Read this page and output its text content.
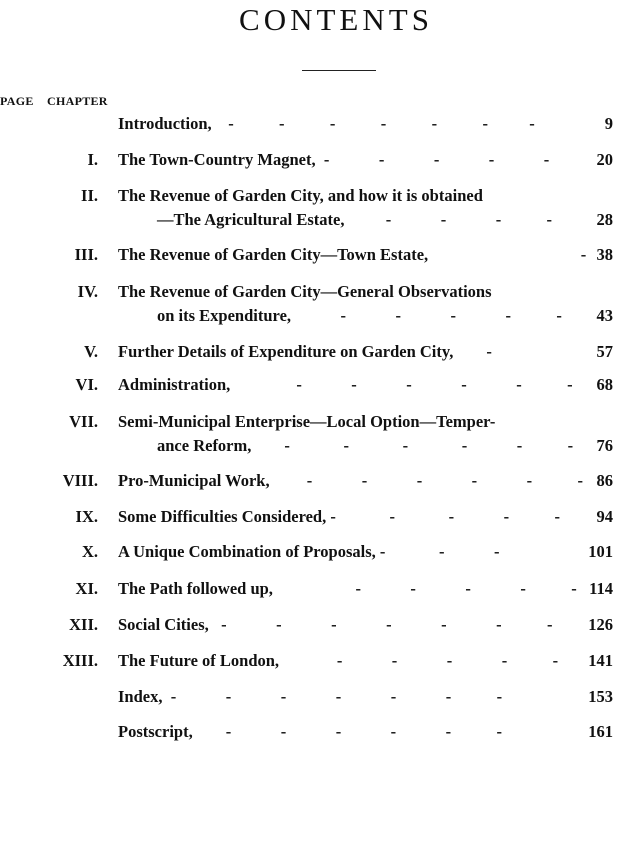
CONTENTS
CHAPTER
PAGE
Introduction,    -           -           -           -           -           -          -	9
I. The Town-Country Magnet,  -            -            -            -            -	20
II. The Revenue of Garden City, and how it is obtained
—The Agricultural Estate,          -            -            -           -	28
III. The Revenue of Garden City—Town Estate,                                     - 38
IV. The Revenue of Garden City—General Observations
on its Expenditure,            -            -            -            -           -	43
V. Further Details of Expenditure on Garden City,        -	57
VI. Administration,                -            -            -            -            -           - 68
VII. Semi-Municipal Enterprise—Local Option—Temper-
ance Reform,        -             -             -             -            -           - 76
VIII. Pro-Municipal Work,         -            -            -            -            -           - 86
IX. Some Difficulties Considered, -             -             -            -           -	94
X. A Unique Combination of Proposals, -             -            -	101
XI. The Path followed up,                    -            -            -            -           - 114
XII. Social Cities,   -            -            -            -            -            -           -	126
XIII. The Future of London,              -            -            -            -           -	141
Index,  -            -            -            -            -            -           -	153
Postscript,        -            -            -            -            -           -	161
